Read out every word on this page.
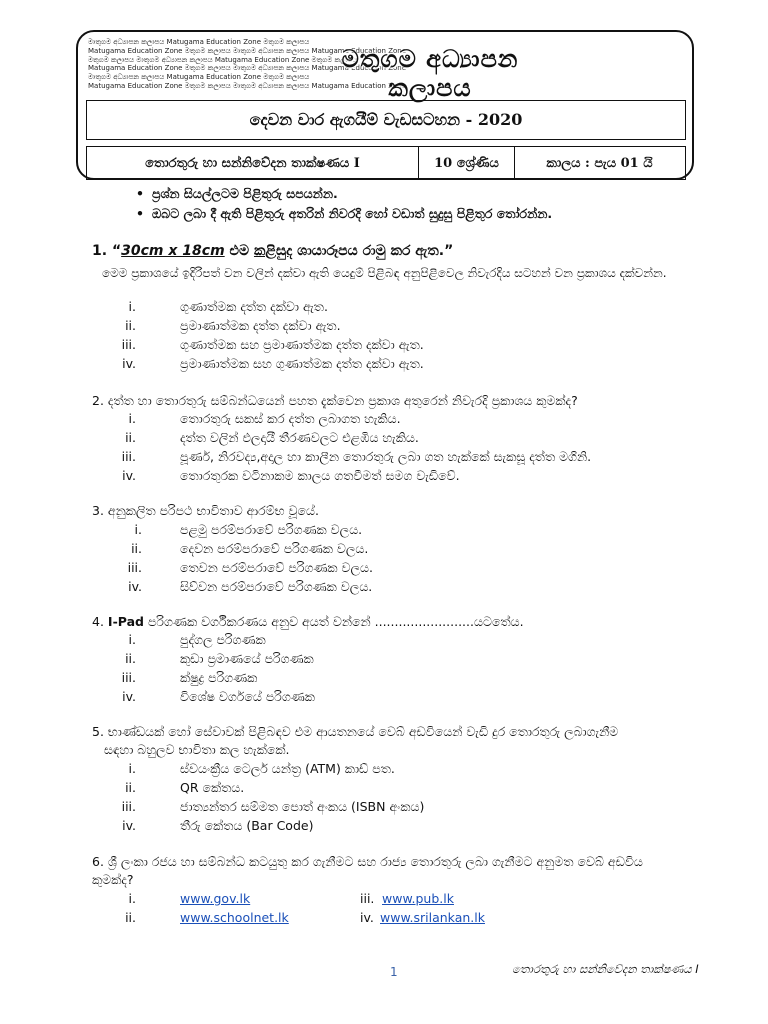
මාතුගම අධ්‍යාපන කලාපය Matugama Education Zone මතුගම කලාපය
Matugama Education Zone මතුගම කලාපය මාතුගම අධ්‍යාපන කලාපය Matugama Education Zone
මතුගම කලාපය මාතුගම අධ්‍යාපන කලාපය Matugama Education Zone මතුගම කලාපය
Matugama Education Zone මතුගම කලාපය මාතුගම අධ්‍යාපන කලාපය Matugama Education Zone
මාතුගම අධ්‍යාපන කලාපය Matugama Education Zone මතුගම කලාපය
Matugama Education Zone මතුගම කලාපය මාතුගම අධ්‍යාපන කලාපය Matugama Education Zone
මතුගම අධ්‍යාපන කලාපය
දෙවන වාර ඇගයීම් වැඩසටහන - 2020
තොරතුරු හා සන්නිවේදන තාක්ෂණය I	10 ශ්‍රේණිය	කාලය : පැය 01 යි
• ප්‍රශ්න සියල්ලටම පිළිතුරු සපයන්න.
• ඔබට ලබා දී ඇති පිළිතුරු අතරින් නිවරදි හෝ වඩාත් සුදුසු පිළිතුර තෝරන්න.
1. “30cm x 18cm එම කළිසුද ශායාරූපය රාමු කර ඇත.”
මෙම ප්‍රකාශයේ ඉදිරිපත් වන වලින් දක්වා ඇති යෙදුම් පිළිබඳ අනුපිළිවෙල නිවැරදිය සටහන් වන ප්‍රකාශය දක්වන්න.
2. දත්ත හා තොරතුරු සම්බන්ධයෙන් පහත දැක්වෙන ප්‍රකාශ අතුරෙන් නිවැරදි ප්‍රකාශය කුමක්ද?
3. අනුකලිත පරිපථ භාවිතාව ආරම්භ වූයේ.
4. I-Pad පරිගණක වර්ගීකරණය අනුව අයත් වන්නේ .........................යටතේය.
5. භාණ්ඩයක් හෝ සේවාවක් පිළිබඳව එම ආයතනයේ වෙබ් අඩවියෙන් වැඩි දුර තොරතුරු ලබාගැනීම
සඳහා බහුලව භාවිතා කල හැක්කේ.
6. ශ්‍රී ලංකා රජය හා සම්බන්ධ කටයුතු කර ගැනීමට සහ රාජ්‍ය තොරතුරු ලබා ගැනීමට අනුමත වෙබ් අඩවිය
කුමක්ද?
1	තොරතුරු හා සන්නිවේදන තාක්ෂණය I
i.	ගුණාත්මක දත්ත දක්වා ඇත.
ii.	ප්‍රමාණාත්මක දත්ත දක්වා ඇත.
iii.	ගුණාත්මක සහ ප්‍රමාණාත්මක දත්ත දක්වා ඇත.
iv.	ප්‍රමාණාත්මක සහ ගුණාත්මක දත්ත දක්වා ඇත.
i.	තොරතුරු සකස් කර දත්ත ලබාගත හැකිය.
ii.	දත්ත වලින් ඵලදායී තීරණවලට එළඹිය හැකිය.
iii.	පූර්ණ, නිරවද්‍ය,අදාල හා කාලීන තොරතුරු ලබා ගත හැක්කේ සැකසූ දත්ත මගිනි.
iv.	තොරතුරක වටිනාකම කාලය ගතවීමත් සමග වැඩිවේ.
i.	පළමු පරම්පරාවේ පරිගණක වලය.
ii.	දෙවන පරම්පරාවේ පරිගණක වලය.
iii.	තෙවන පරම්පරාවේ පරිගණක වලය.
iv.	සිව්වන පරම්පරාවේ පරිගණක වලය.
i.	පුද්ගල පරිගණක
ii.	කුඩා ප්‍රමාණයේ පරිගණක
iii.	ක්ෂුද්‍ර පරිගණක
iv.	විශේෂ වර්ගයේ පරිගණක
i.	ස්වයංක්‍රීය ටෙලර් යන්ත්‍ර (ATM) කාඩ් පත.
ii.	QR කේතය.
iii.	ජාත්‍යන්තර සම්මත පොත් අංකය (ISBN අංකය)
iv.	තීරු කේතය (Bar Code)
i.	www.gov.lk
ii.	www.schoolnet.lk
iii. www.pub.lk
iv. www.srilankan.lk
